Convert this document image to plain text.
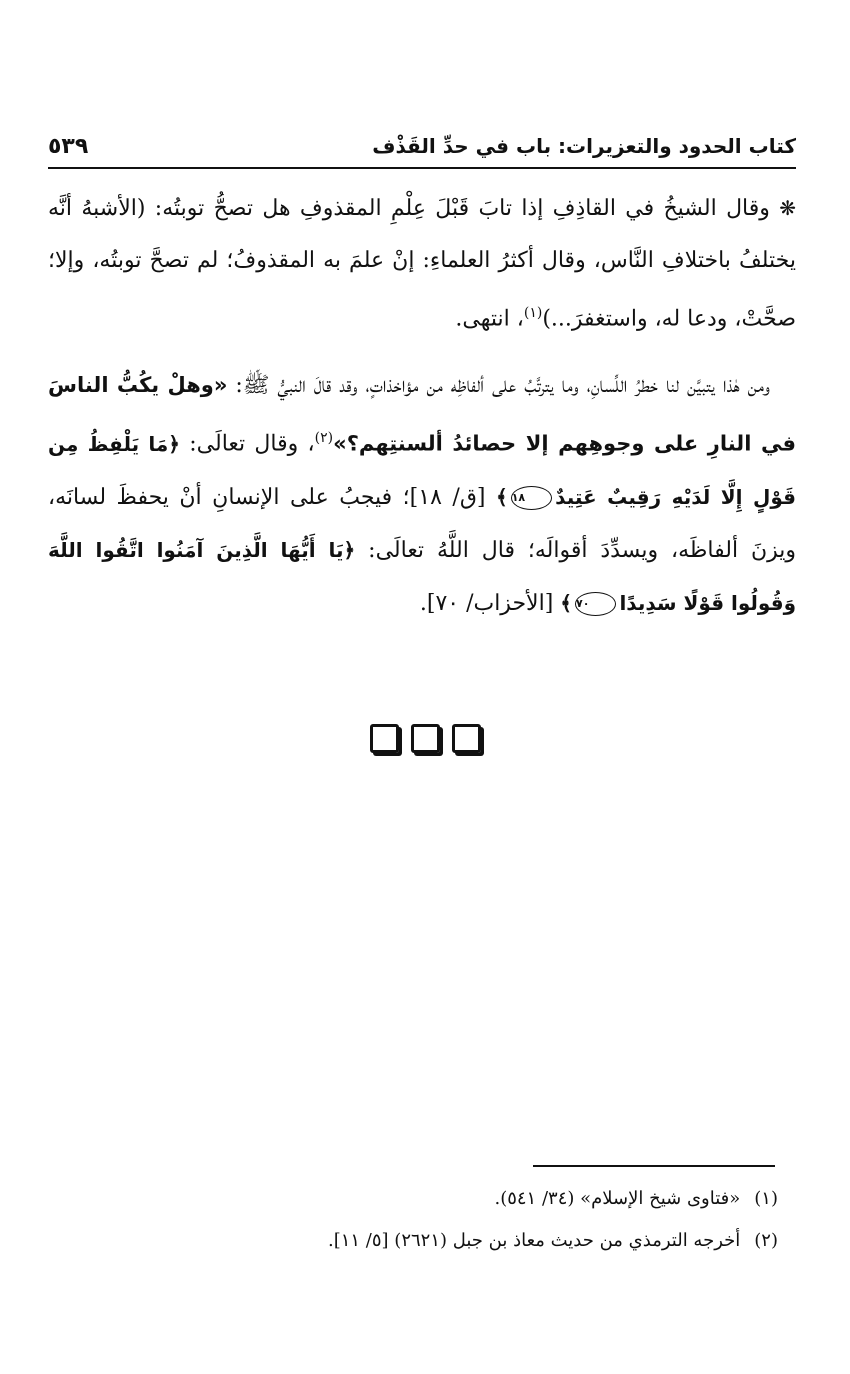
كتاب الحدود والتعزيرات: باب في حدِّ القَذْف
٥٣٩

❋ وقال الشيخُ في القاذِفِ إذا تابَ قَبْلَ عِلْمِ المقذوفِ هل تصحُّ توبتُه: (الأشبهُ أنَّه يختلفُ باختلافِ النَّاس، وقال أكثرُ العلماءِ: إنْ علمَ به المقذوفُ؛ لم تصحَّ توبتُه، وإلا؛ صحَّتْ، ودعا له، واستغفرَ...)$^{(١)}$، انتهى.

ومن هٰذا يتبيَّن لنا خطرُ اللِّسانِ، وما يترتَّبُ على ألفاظِه من مؤاخذاتٍ، وقد قالَ النبيُّ ﷺ: «وهلْ يكُبُّ الناسَ في النارِ على وجوهِهم إلا حصائدُ ألسنتِهم؟»$^{(٢)}$، وقال تعالَى: ﴿مَا يَلْفِظُ مِن قَوْلٍ إِلَّا لَدَيْهِ رَقِيبٌ عَتِيدٌ١٨﴾ [ق/ ١٨]؛ فيجبُ على الإنسانِ أنْ يحفظَ لسانَه، ويزنَ ألفاظَه، ويسدِّدَ أقوالَه؛ قال اللَّهُ تعالَى: ﴿يَا أَيُّهَا الَّذِينَ آمَنُوا اتَّقُوا اللَّهَ وَقُولُوا قَوْلًا سَدِيدًا٧٠﴾ [الأحزاب/ ٧٠].

(١)
«فتاوى شيخ الإسلام» (٣٤/ ٥٤١).
(٢)
أخرجه الترمذي من حديث معاذ بن جبل (٢٦٢١) [٥/ ١١].
